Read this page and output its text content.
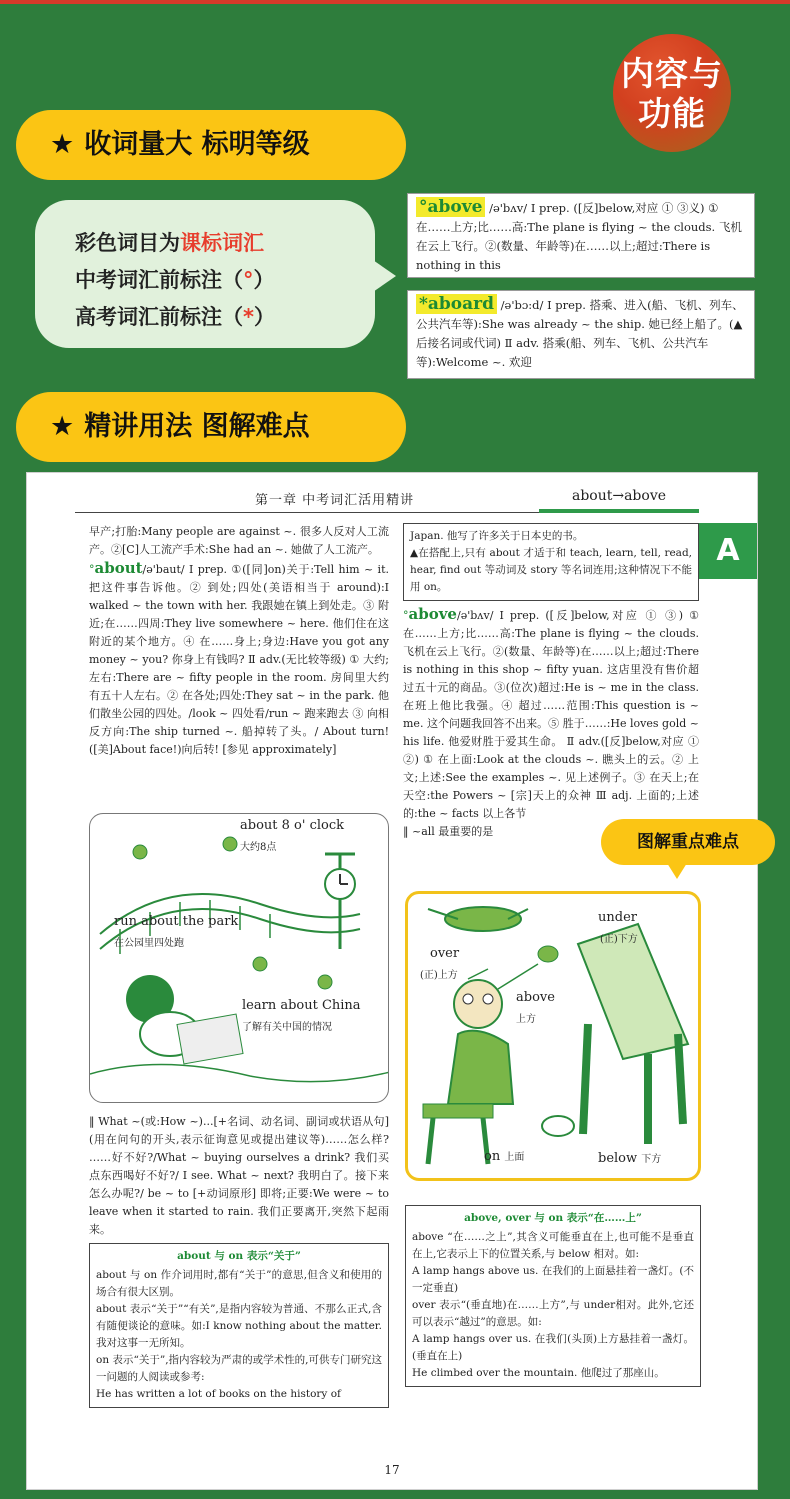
内容与
功能
★ 收词量大 标明等级
彩色词目为课标词汇
中考词汇前标注（°）
高考词汇前标注（*）
°above /ə'bʌv/ I prep. ([反]below,对应 ① ③义) ① 在……上方;比……高:The plane is flying ~ the clouds. 飞机在云上飞行。②(数量、年龄等)在……以上;超过:There is nothing in this
*aboard /ə'bɔ:d/ I prep. 搭乘、进入(船、飞机、列车、公共汽车等):She was already ~ the ship. 她已经上船了。(▲后接名词或代词) Ⅱ adv. 搭乘(船、列车、飞机、公共汽车等):Welcome ~. 欢迎
★ 精讲用法 图解难点
第一章 中考词汇活用精讲	about→above
A

早产;打胎:Many people are against ~. 很多人反对人工流产。②[C]人工流产手术:She had an ~. 她做了人工流产。

°about/ə'baut/ I prep. ①([同]on)关于:Tell him ~ it. 把这件事告诉他。② 到处;四处(美语相当于 around):I walked ~ the town with her. 我跟她在镇上到处走。③ 附近;在……四周:They live somewhere ~ here. 他们住在这附近的某个地方。④ 在……身上;身边:Have you got any money ~ you? 你身上有钱吗? Ⅱ adv.(无比较等级) ① 大约;左右:There are ~ fifty people in the room. 房间里大约有五十人左右。② 在各处;四处:They sat ~ in the park. 他们散坐公园的四处。/look ~ 四处看/run ~ 跑来跑去 ③ 向相反方向:The ship turned ~. 船掉转了头。/ About turn!([美]About face!)向后转! [参见 approximately]

about 8 o' clock
大约8点
run about the park
在公园里四处跑
learn about China
了解有关中国的情况

‖ What ~(或:How ~)...[+名词、动名词、副词或状语从句](用在问句的开头,表示征询意见或提出建议等)……怎么样? ……好不好?/What ~ buying ourselves a drink? 我们买点东西喝好不好?/ I see. What ~ next? 我明白了。接下来怎么办呢?/ be ~ to [+动词原形] 即将;正要:We were ~ to leave when it started to rain. 我们正要离开,突然下起雨来。

about 与 on 表示“关于”

about 与 on 作介词用时,都有“关于”的意思,但含义和使用的场合有很大区别。

about 表示“关于”“有关”,是指内容较为普通、不那么正式,含有随便谈论的意味。如:I know nothing about the matter. 我对这事一无所知。

on 表示“关于”,指内容较为严肃的或学术性的,可供专门研究这一问题的人阅读或参考:

He has written a lot of books on the history of

Japan. 他写了许多关于日本史的书。
▲在搭配上,只有 about 才适于和 teach, learn, tell, read, hear, find out 等动词及 story 等名词连用;这种情况下不能用 on。

°above/ə'bʌv/ I prep. ([反]below,对应 ① ③) ① 在……上方;比……高:The plane is flying ~ the clouds. 飞机在云上飞行。②(数量、年龄等)在……以上;超过:There is nothing in this shop ~ fifty yuan. 这店里没有售价超过五十元的商品。③(位次)超过:He is ~ me in the class. 在班上他比我强。④ 超过……范围:This question is ~ me. 这个问题我回答不出来。⑤ 胜于……:He loves gold ~ his life. 他爱财胜于爱其生命。 Ⅱ adv.([反]below,对应 ① ②) ① 在上面:Look at the clouds ~. 瞧头上的云。② 上文;上述:See the examples ~. 见上述例子。③ 在天上;在天空:the Powers ~ [宗]天上的众神 Ⅲ adj. 上面的;上述的:the ~ facts 以上各节

‖ ~all 最重要的是

under
(正)下方
over
(正)上方
above
上方
on 上面	below 下方
above, over 与 on 表示“在……上”

above “在……之上”,其含义可能垂直在上,也可能不是垂直在上,它表示上下的位置关系,与 below 相对。如:

A lamp hangs above us. 在我们的上面悬挂着一盏灯。(不一定垂直)

over 表示“(垂直地)在……上方”,与 under相对。此外,它还可以表示“越过”的意思。如:

A lamp hangs over us. 在我们(头顶)上方悬挂着一盏灯。(垂直在上)

He climbed over the mountain. 他爬过了那座山。

图解重点难点
17
